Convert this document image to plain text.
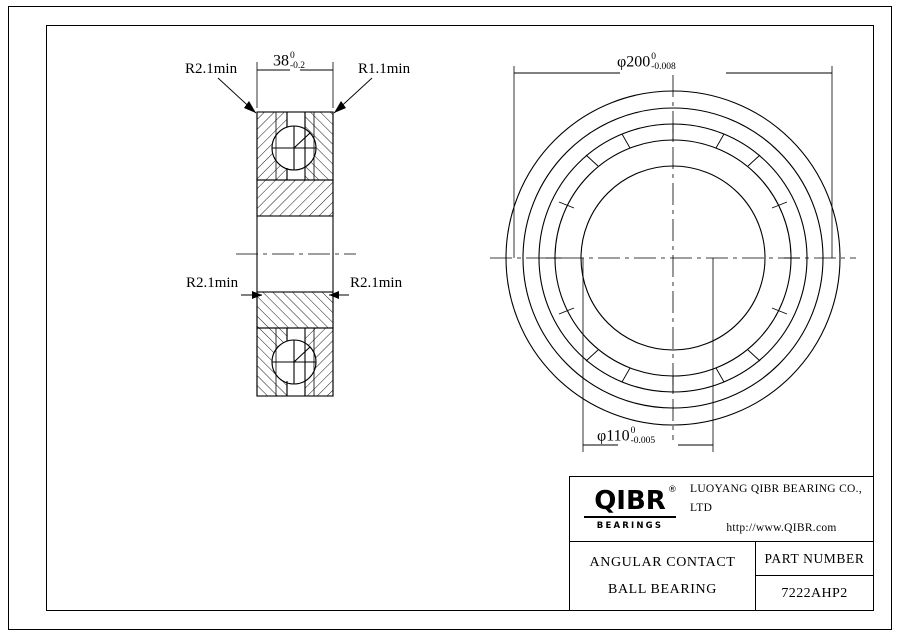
R2.1min	R1.1min
R2.1min	R2.1min
38 0
-0.2	φ200 0
-0.008
φ110 0
-0.005
QIBR ®
BEARINGS
LUOYANG QIBR BEARING CO., LTD
http://www.QIBR.com
ANGULAR CONTACT
BALL BEARING
PART NUMBER
7222AHP2
